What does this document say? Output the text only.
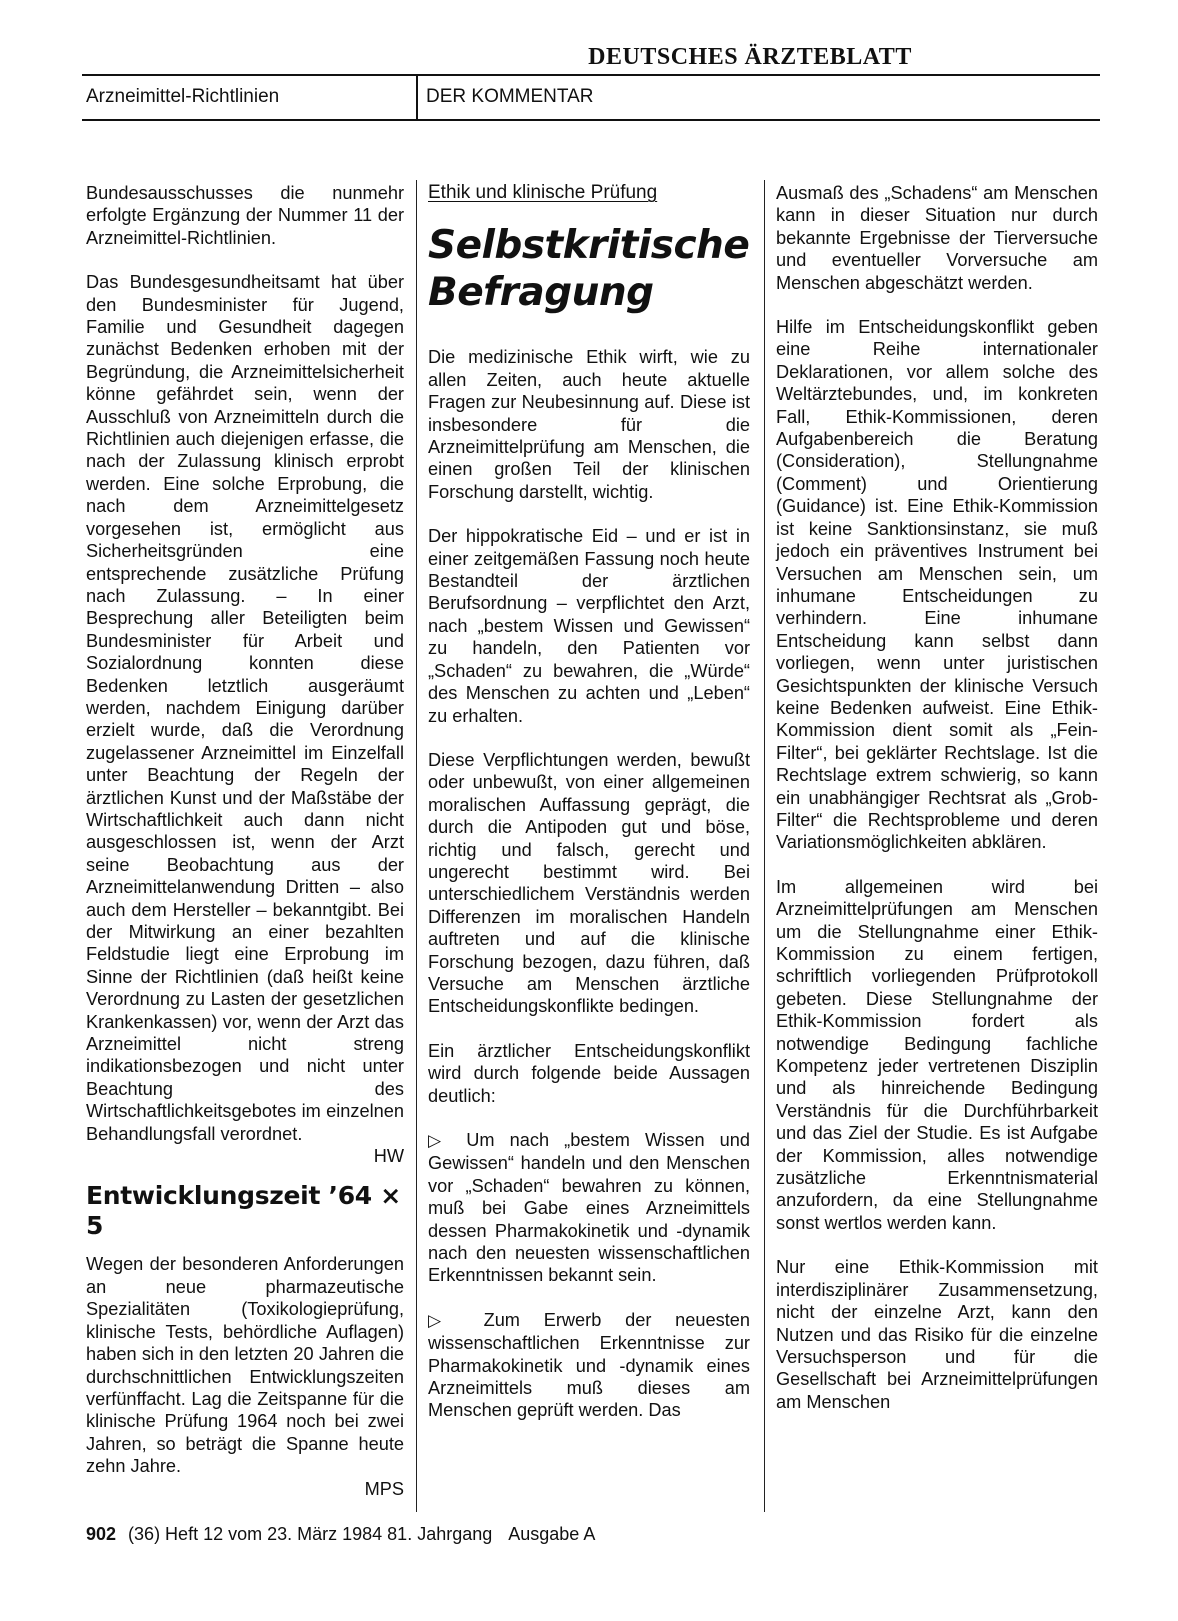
DEUTSCHES ÄRZTEBLATT
Arzneimittel-Richtlinien	DER KOMMENTAR

Bundesausschusses die nunmehr erfolgte Ergänzung der Nummer 11 der Arzneimittel-Richtlinien.

Das Bundesgesundheitsamt hat über den Bundesminister für Jugend, Familie und Gesundheit dagegen zunächst Bedenken erhoben mit der Begründung, die Arzneimittelsicherheit könne gefährdet sein, wenn der Ausschluß von Arzneimitteln durch die Richtlinien auch diejenigen erfasse, die nach der Zulassung klinisch erprobt werden. Eine solche Erprobung, die nach dem Arzneimittelgesetz vorgesehen ist, ermöglicht aus Sicherheitsgründen eine entsprechende zusätzliche Prüfung nach Zulassung. – In einer Besprechung aller Beteiligten beim Bundesminister für Arbeit und Sozialordnung konnten diese Bedenken letztlich ausgeräumt werden, nachdem Einigung darüber erzielt wurde, daß die Verordnung zugelassener Arzneimittel im Einzelfall unter Beachtung der Regeln der ärztlichen Kunst und der Maßstäbe der Wirtschaftlichkeit auch dann nicht ausgeschlossen ist, wenn der Arzt seine Beobachtung aus der Arzneimittelanwendung Dritten – also auch dem Hersteller – bekanntgibt. Bei der Mitwirkung an einer bezahlten Feldstudie liegt eine Erprobung im Sinne der Richtlinien (daß heißt keine Verordnung zu Lasten der gesetzlichen Krankenkassen) vor, wenn der Arzt das Arzneimittel nicht streng indikationsbezogen und nicht unter Beachtung des Wirtschaftlichkeitsgebotes im einzelnen Behandlungsfall verordnet.
HW

Entwicklungszeit ’64 × 5

Wegen der besonderen Anforderungen an neue pharmazeutische Spezialitäten (Toxikologieprüfung, klinische Tests, behördliche Auflagen) haben sich in den letzten 20 Jahren die durchschnittlichen Entwicklungszeiten verfünffacht. Lag die Zeitspanne für die klinische Prüfung 1964 noch bei zwei Jahren, so beträgt die Spanne heute zehn Jahre.
MPS

Ethik und klinische Prüfung
Selbstkritische
Befragung

Die medizinische Ethik wirft, wie zu allen Zeiten, auch heute aktuelle Fragen zur Neubesinnung auf. Diese ist insbesondere für die Arzneimittelprüfung am Menschen, die einen großen Teil der klinischen Forschung darstellt, wichtig.

Der hippokratische Eid – und er ist in einer zeitgemäßen Fassung noch heute Bestandteil der ärztlichen Berufsordnung – verpflichtet den Arzt, nach „bestem Wissen und Gewissen“ zu handeln, den Patienten vor „Schaden“ zu bewahren, die „Würde“ des Menschen zu achten und „Leben“ zu erhalten.

Diese Verpflichtungen werden, bewußt oder unbewußt, von einer allgemeinen moralischen Auffassung geprägt, die durch die Antipoden gut und böse, richtig und falsch, gerecht und ungerecht bestimmt wird. Bei unterschiedlichem Verständnis werden Differenzen im moralischen Handeln auftreten und auf die klinische Forschung bezogen, dazu führen, daß Versuche am Menschen ärztliche Entscheidungskonflikte bedingen.

Ein ärztlicher Entscheidungskonflikt wird durch folgende beide Aussagen deutlich:

▷ Um nach „bestem Wissen und Gewissen“ handeln und den Menschen vor „Schaden“ bewahren zu können, muß bei Gabe eines Arzneimittels dessen Pharmakokinetik und -dynamik nach den neuesten wissenschaftlichen Erkenntnissen bekannt sein.

▷ Zum Erwerb der neuesten wissenschaftlichen Erkenntnisse zur Pharmakokinetik und -dynamik eines Arzneimittels muß dieses am Menschen geprüft werden. Das

Ausmaß des „Schadens“ am Menschen kann in dieser Situation nur durch bekannte Ergebnisse der Tierversuche und eventueller Vorversuche am Menschen abgeschätzt werden.

Hilfe im Entscheidungskonflikt geben eine Reihe internationaler Deklarationen, vor allem solche des Weltärztebundes, und, im konkreten Fall, Ethik-Kommissionen, deren Aufgabenbereich die Beratung (Consideration), Stellungnahme (Comment) und Orientierung (Guidance) ist. Eine Ethik-Kommission ist keine Sanktionsinstanz, sie muß jedoch ein präventives Instrument bei Versuchen am Menschen sein, um inhumane Entscheidungen zu verhindern. Eine inhumane Entscheidung kann selbst dann vorliegen, wenn unter juristischen Gesichtspunkten der klinische Versuch keine Bedenken aufweist. Eine Ethik-Kommission dient somit als „Fein-Filter“, bei geklärter Rechtslage. Ist die Rechtslage extrem schwierig, so kann ein unabhängiger Rechtsrat als „Grob-Filter“ die Rechtsprobleme und deren Variationsmöglichkeiten abklären.

Im allgemeinen wird bei Arzneimittelprüfungen am Menschen um die Stellungnahme einer Ethik-Kommission zu einem fertigen, schriftlich vorliegenden Prüfprotokoll gebeten. Diese Stellungnahme der Ethik-Kommission fordert als notwendige Bedingung fachliche Kompetenz jeder vertretenen Disziplin und als hinreichende Bedingung Verständnis für die Durchführbarkeit und das Ziel der Studie. Es ist Aufgabe der Kommission, alles notwendige zusätzliche Erkenntnismaterial anzufordern, da eine Stellungnahme sonst wertlos werden kann.

Nur eine Ethik-Kommission mit interdisziplinärer Zusammensetzung, nicht der einzelne Arzt, kann den Nutzen und das Risiko für die einzelne Versuchsperson und für die Gesellschaft bei Arzneimittelprüfungen am Menschen

902 (36) Heft 12 vom 23. März 1984 81. Jahrgang Ausgabe A
